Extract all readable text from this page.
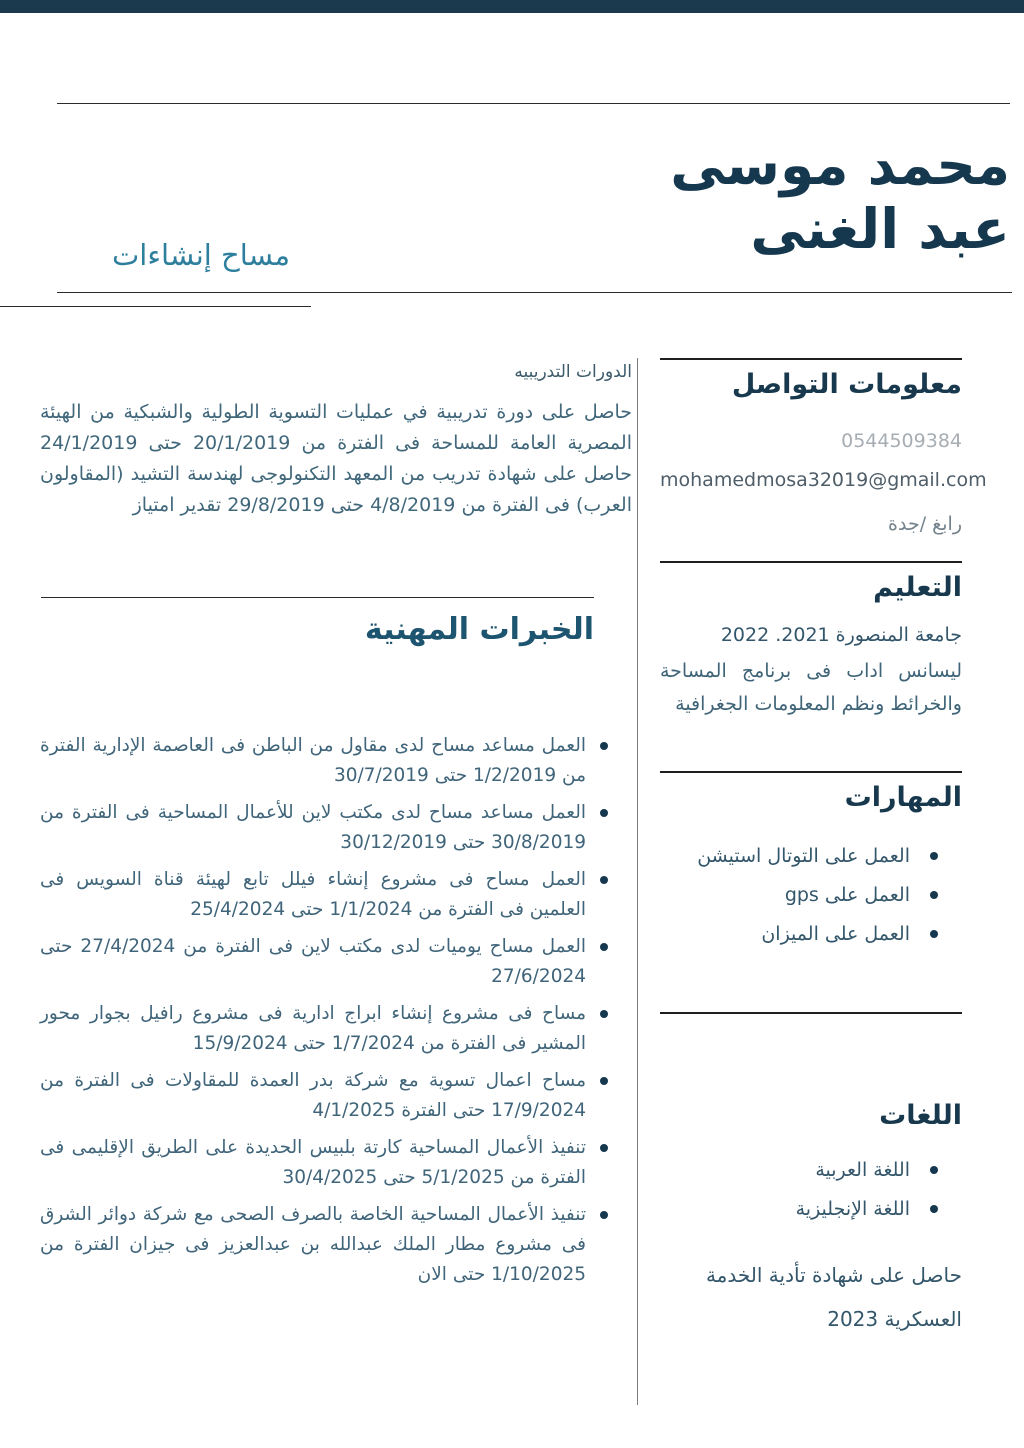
محمد موسى
عبد الغنى
مساح إنشاءات
معلومات التواصل
0544509384
mohamedmosa32019@gmail.com
رابغ /جدة
التعليم
جامعة المنصورة 2021. 2022
ليسانس اداب فى برنامج المساحة والخرائط ونظم المعلومات الجغرافية
المهارات
العمل على التوتال استيشن
العمل على gps
العمل على الميزان
اللغات
اللغة العربية
اللغة الإنجليزية
حاصل على شهادة تأدية الخدمة العسكرية 2023
الدورات التدريبيه

حاصل على دورة تدريبية في عمليات التسوية الطولية والشبكية من الهيئة المصرية العامة للمساحة فى الفترة من 20/1/2019 حتى 24/1/2019 حاصل على شهادة تدريب من المعهد التكنولوجى لهندسة التشيد (المقاولون العرب) فى الفترة من 4/8/2019 حتى 29/8/2019 تقدير امتياز

الخبرات المهنية
العمل مساعد مساح لدى مقاول من الباطن فى العاصمة الإدارية الفترة من 1/2/2019 حتى 30/7/2019
العمل مساعد مساح لدى مكتب لاين للأعمال المساحية فى الفترة من 30/8/2019 حتى 30/12/2019
العمل مساح فى مشروع إنشاء فيلل تابع لهيئة قناة السويس فى العلمين فى الفترة من 1/1/2024 حتى 25/4/2024
العمل مساح يوميات لدى مكتب لاين فى الفترة من 27/4/2024 حتى 27/6/2024
مساح فى مشروع إنشاء ابراج ادارية فى مشروع رافيل بجوار محور المشير فى الفترة من 1/7/2024 حتى 15/9/2024
مساح اعمال تسوية مع شركة بدر العمدة للمقاولات فى الفترة من 17/9/2024 حتى الفترة 4/1/2025
تنفيذ الأعمال المساحية كارتة بلبيس الحديدة على الطريق الإقليمى فى الفترة من 5/1/2025 حتى 30/4/2025
تنفيذ الأعمال المساحية الخاصة بالصرف الصحى مع شركة دوائر الشرق فى مشروع مطار الملك عبدالله بن عبدالعزيز فى جيزان الفترة من 1/10/2025 حتى الان
